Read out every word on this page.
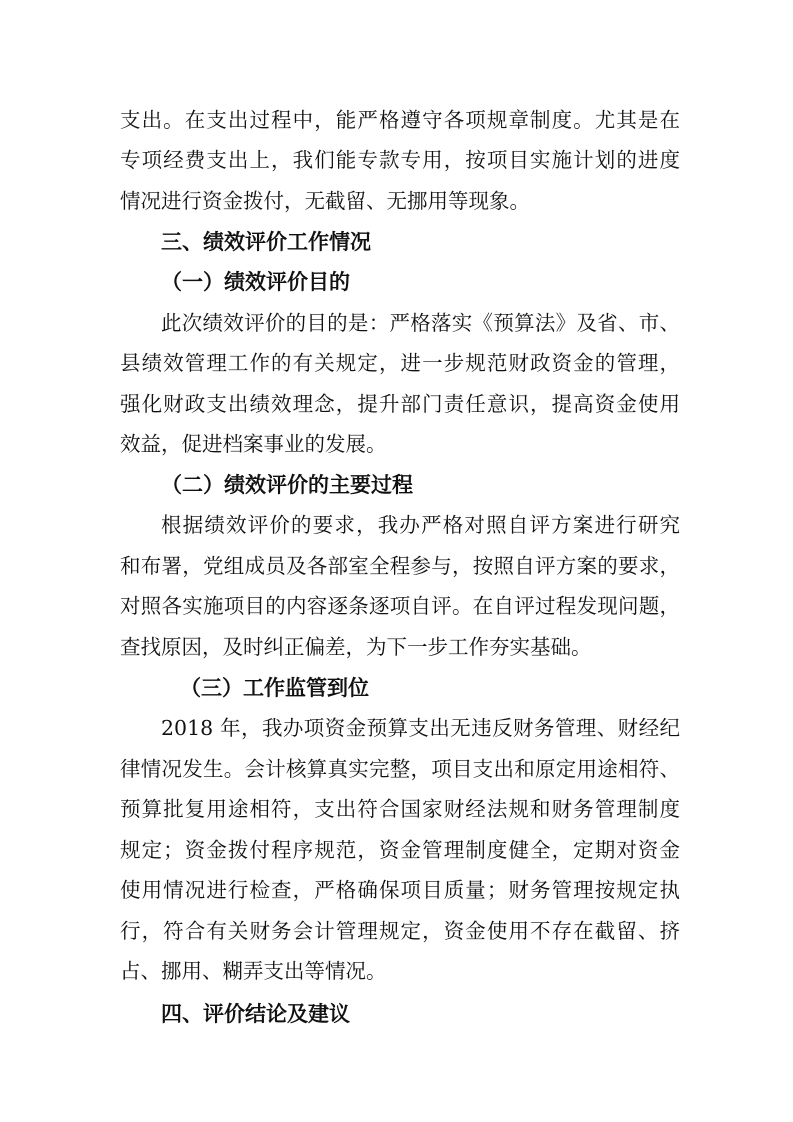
支出。在支出过程中，能严格遵守各项规章制度。尤其是在
专项经费支出上，我们能专款专用，按项目实施计划的进度
情况进行资金拨付，无截留、无挪用等现象。
三、绩效评价工作情况
（一）绩效评价目的
此次绩效评价的目的是：严格落实《预算法》及省、市、
县绩效管理工作的有关规定，进一步规范财政资金的管理，
强化财政支出绩效理念，提升部门责任意识，提高资金使用
效益，促进档案事业的发展。
（二）绩效评价的主要过程
根据绩效评价的要求，我办严格对照自评方案进行研究
和布署，党组成员及各部室全程参与，按照自评方案的要求，
对照各实施项目的内容逐条逐项自评。在自评过程发现问题，
查找原因，及时纠正偏差，为下一步工作夯实基础。
（三）工作监管到位
2018 年，我办项资金预算支出无违反财务管理、财经纪
律情况发生。会计核算真实完整，项目支出和原定用途相符、
预算批复用途相符，支出符合国家财经法规和财务管理制度
规定；资金拨付程序规范，资金管理制度健全，定期对资金
使用情况进行检查，严格确保项目质量；财务管理按规定执
行，符合有关财务会计管理规定，资金使用不存在截留、挤
占、挪用、糊弄支出等情况。
四、评价结论及建议
